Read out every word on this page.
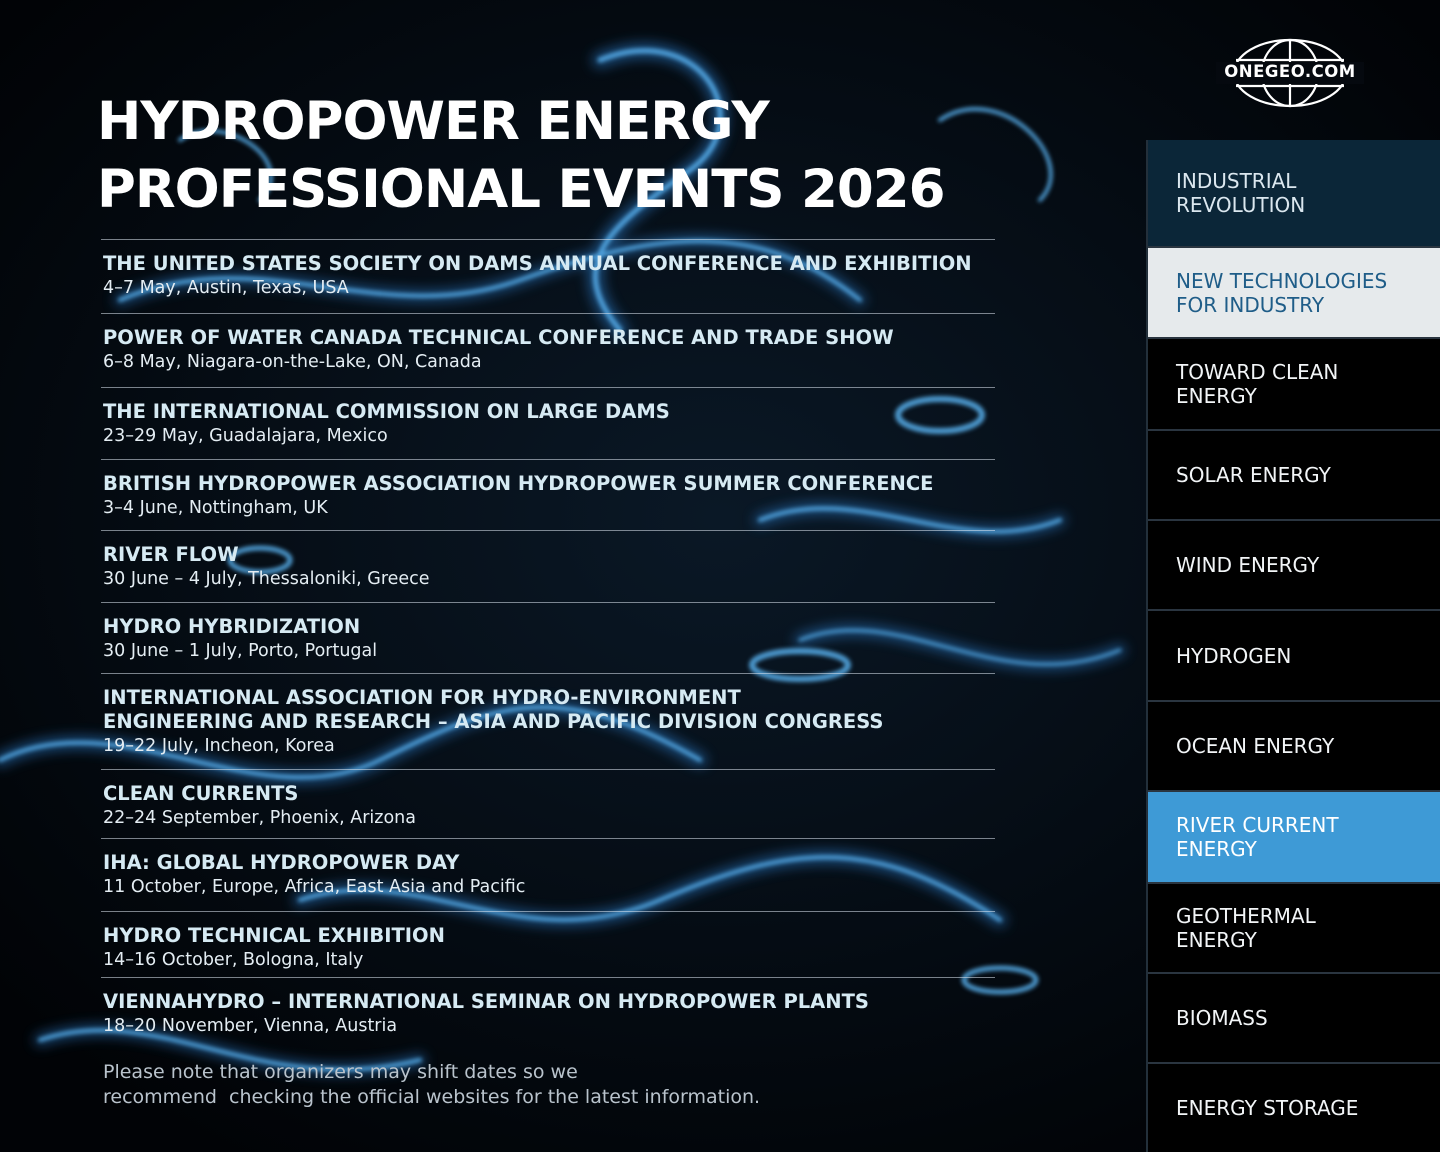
ONEGEO.COM
HYDROPOWER ENERGY
PROFESSIONAL EVENTS 2026
THE UNITED STATES SOCIETY ON DAMS ANNUAL CONFERENCE AND EXHIBITION
4–7 May, Austin, Texas, USA
POWER OF WATER CANADA TECHNICAL CONFERENCE AND TRADE SHOW
6–8 May, Niagara-on-the-Lake, ON, Canada
THE INTERNATIONAL COMMISSION ON LARGE DAMS
23–29 May, Guadalajara, Mexico
BRITISH HYDROPOWER ASSOCIATION HYDROPOWER SUMMER CONFERENCE
3–4 June, Nottingham, UK
RIVER FLOW
30 June – 4 July, Thessaloniki, Greece
HYDRO HYBRIDIZATION
30 June – 1 July, Porto, Portugal
INTERNATIONAL ASSOCIATION FOR HYDRO-ENVIRONMENT
ENGINEERING AND RESEARCH – ASIA AND PACIFIC DIVISION CONGRESS
19–22 July, Incheon, Korea
CLEAN CURRENTS
22–24 September, Phoenix, Arizona
IHA: GLOBAL HYDROPOWER DAY
11 October, Europe, Africa, East Asia and Pacific
HYDRO TECHNICAL EXHIBITION
14–16 October, Bologna, Italy
VIENNAHYDRO – INTERNATIONAL SEMINAR ON HYDROPOWER PLANTS
18–20 November, Vienna, Austria

Please note that organizers may shift dates so we
recommend  checking the official websites for the latest information.

INDUSTRIAL
REVOLUTION
NEW TECHNOLOGIES
FOR INDUSTRY
TOWARD CLEAN
ENERGY
SOLAR ENERGY
WIND ENERGY
HYDROGEN
OCEAN ENERGY
RIVER CURRENT
ENERGY
GEOTHERMAL
ENERGY
BIOMASS
ENERGY STORAGE
